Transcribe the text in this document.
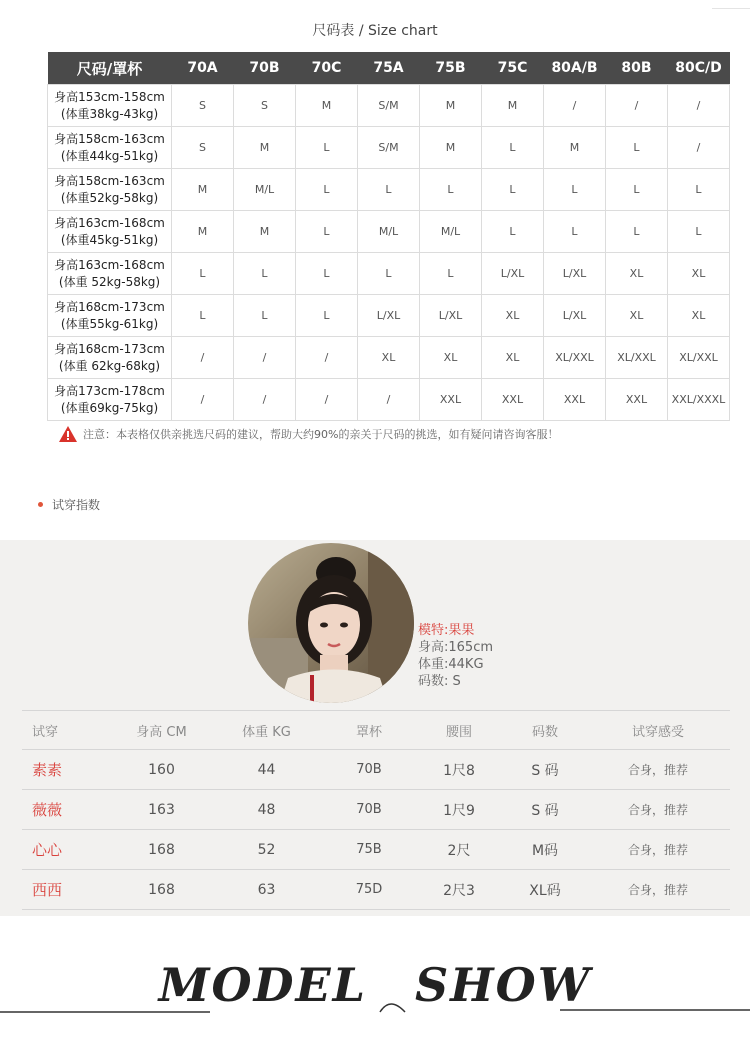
尺码表 / Size chart
尺码/罩杯	70A	70B	70C	75A	75B	75C	80A/B	80B	80C/D

身高153cm-158cm
(体重38kg-43kg)	S	S	M	S/M	M	M	/	/	/

身高158cm-163cm
(体重44kg-51kg)	S	M	L	S/M	M	L	M	L	/

身高158cm-163cm
(体重52kg-58kg)	M	M/L	L	L	L	L	L	L	L

身高163cm-168cm
(体重45kg-51kg)	M	M	L	M/L	M/L	L	L	L	L

身高163cm-168cm
(体重 52kg-58kg)	L	L	L	L	L	L/XL	L/XL	XL	XL

身高168cm-173cm
(体重55kg-61kg)	L	L	L	L/XL	L/XL	XL	L/XL	XL	XL

身高168cm-173cm
(体重 62kg-68kg)	/	/	/	XL	XL	XL	XL/XXL	XL/XXL	XL/XXL

身高173cm-178cm
(体重69kg-75kg)	/	/	/	/	XXL	XXL	XXL	XXL	XXL/XXXL
注意：本表格仅供亲挑选尺码的建议，帮助大约90%的亲关于尺码的挑选，如有疑问请咨询客服！
试穿指数
模特:果果
身高:165cm
体重:44KG
码数: S
试穿	身高 CM	体重 KG	罩杯	腰围	码数	试穿感受
素素	160	44	70B	1尺8	S 码	合身，推荐
薇薇	163	48	70B	1尺9	S 码	合身，推荐
心心	168	52	75B	2尺	M码	合身，推荐
西西	168	63	75D	2尺3	XL码	合身，推荐
MODEL SHOW
